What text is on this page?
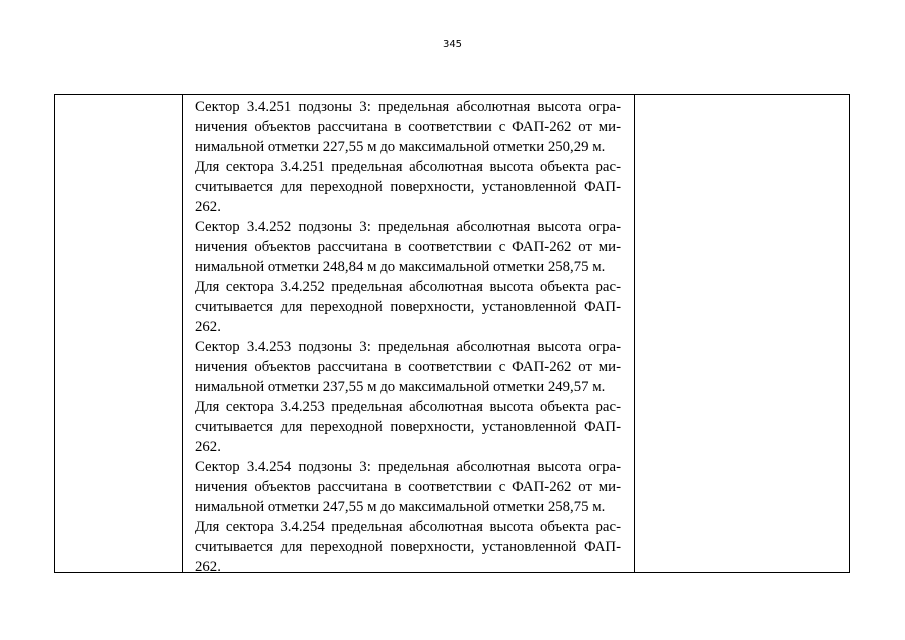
345
Сектор 3.4.251 подзоны 3: предельная абсолютная высота огра-
ничения объектов рассчитана в соответствии с ФАП-262 от ми-
нимальной отметки 227,55 м до максимальной отметки 250,29 м.
Для сектора 3.4.251 предельная абсолютная высота объекта рас-
считывается для переходной поверхности, установленной ФАП-
262.
Сектор 3.4.252 подзоны 3: предельная абсолютная высота огра-
ничения объектов рассчитана в соответствии с ФАП-262 от ми-
нимальной отметки 248,84 м до максимальной отметки 258,75 м.
Для сектора 3.4.252 предельная абсолютная высота объекта рас-
считывается для переходной поверхности, установленной ФАП-
262.
Сектор 3.4.253 подзоны 3: предельная абсолютная высота огра-
ничения объектов рассчитана в соответствии с ФАП-262 от ми-
нимальной отметки 237,55 м до максимальной отметки 249,57 м.
Для сектора 3.4.253 предельная абсолютная высота объекта рас-
считывается для переходной поверхности, установленной ФАП-
262.
Сектор 3.4.254 подзоны 3: предельная абсолютная высота огра-
ничения объектов рассчитана в соответствии с ФАП-262 от ми-
нимальной отметки 247,55 м до максимальной отметки 258,75 м.
Для сектора 3.4.254 предельная абсолютная высота объекта рас-
считывается для переходной поверхности, установленной ФАП-
262.
